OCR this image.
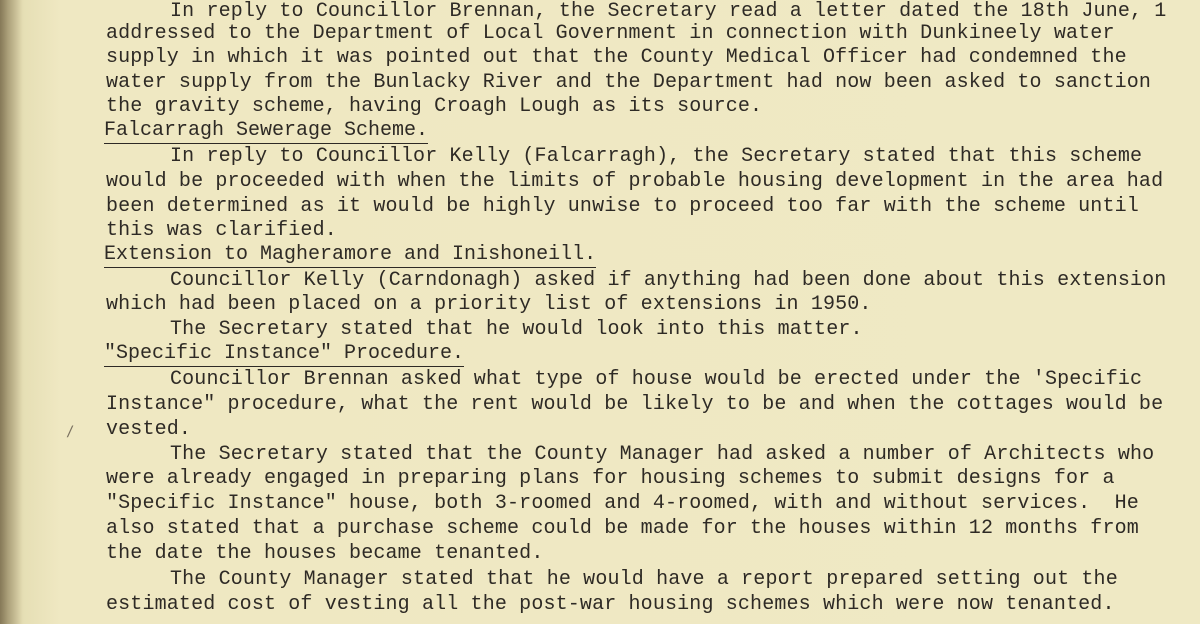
/
In reply to Councillor Brennan, the Secretary read a letter dated the 18th June, 1
addressed to the Department of Local Government in connection with Dunkineely water
supply in which it was pointed out that the County Medical Officer had condemned the
water supply from the Bunlacky River and the Department had now been asked to sanction
the gravity scheme, having Croagh Lough as its source.
Falcarragh Sewerage Scheme.
In reply to Councillor Kelly (Falcarragh), the Secretary stated that this scheme
would be proceeded with when the limits of probable housing development in the area had
been determined as it would be highly unwise to proceed too far with the scheme until
this was clarified.
Extension to Magheramore and Inishoneill.
Councillor Kelly (Carndonagh) asked if anything had been done about this extension
which had been placed on a priority list of extensions in 1950.
The Secretary stated that he would look into this matter.
"Specific Instance" Procedure.
Councillor Brennan asked what type of house would be erected under the 'Specific
Instance" procedure, what the rent would be likely to be and when the cottages would be
vested.
The Secretary stated that the County Manager had asked a number of Architects who
were already engaged in preparing plans for housing schemes to submit designs for a
"Specific Instance" house, both 3-roomed and 4-roomed, with and without services.  He
also stated that a purchase scheme could be made for the houses within 12 months from
the date the houses became tenanted.
The County Manager stated that he would have a report prepared setting out the
estimated cost of vesting all the post-war housing schemes which were now tenanted.
